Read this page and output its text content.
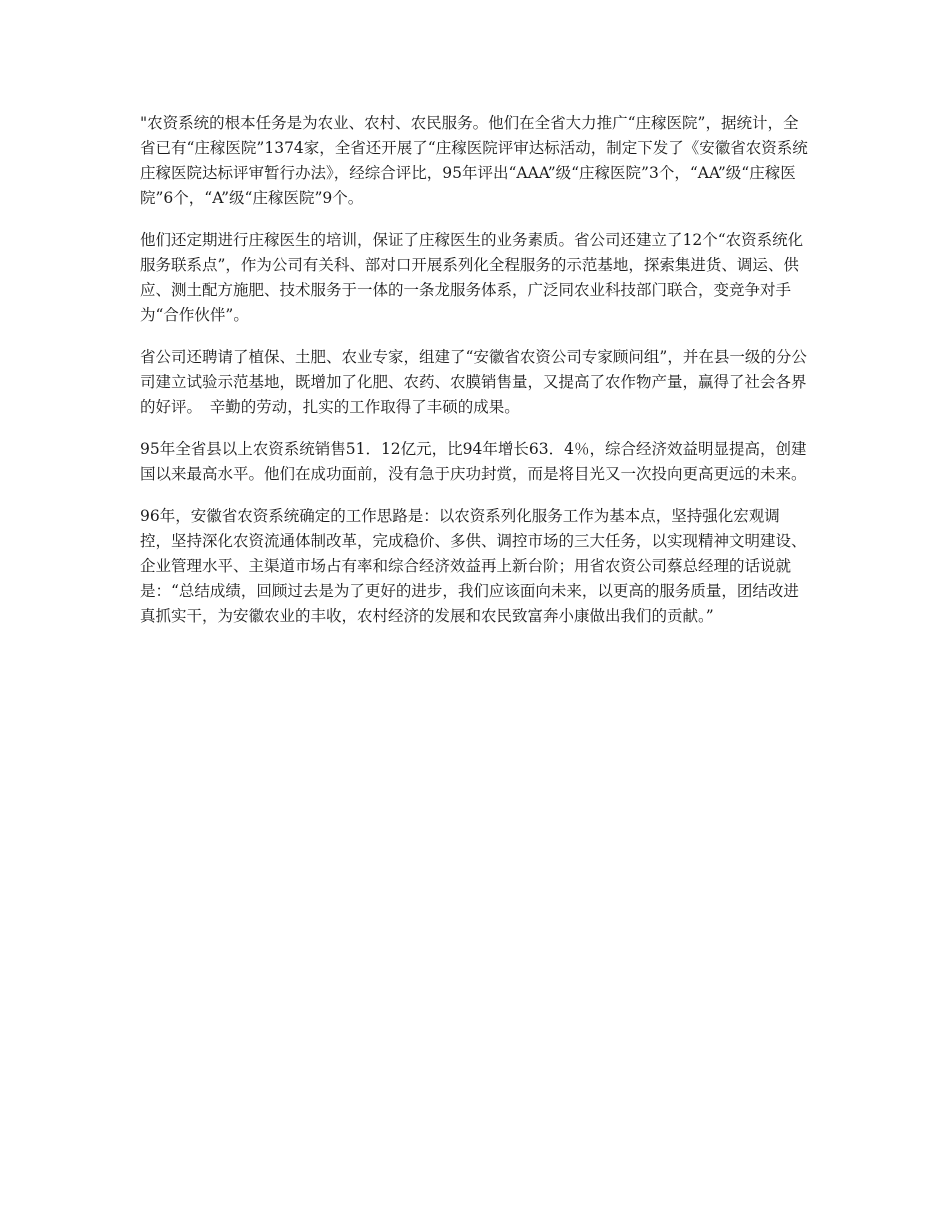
"农资系统的根本任务是为农业、农村、农民服务。他们在全省大力推广“庄稼医院”，据统计，全省已有“庄稼医院”1374家，全省还开展了“庄稼医院评审达标活动，制定下发了《安徽省农资系统庄稼医院达标评审暂行办法》，经综合评比，95年评出“AAA”级“庄稼医院”3个，“AA”级“庄稼医院”6个，“A”级“庄稼医院”9个。

他们还定期进行庄稼医生的培训，保证了庄稼医生的业务素质。省公司还建立了12个“农资系统化服务联系点”，作为公司有关科、部对口开展系列化全程服务的示范基地，探索集进货、调运、供应、测土配方施肥、技术服务于一体的一条龙服务体系，广泛同农业科技部门联合，变竞争对手为“合作伙伴”。

省公司还聘请了植保、土肥、农业专家，组建了“安徽省农资公司专家顾问组”，并在县一级的分公司建立试验示范基地，既增加了化肥、农药、农膜销售量，又提高了农作物产量，赢得了社会各界的好评。　辛勤的劳动，扎实的工作取得了丰硕的成果。

95年全省县以上农资系统销售51．12亿元，比94年增长63．4％，综合经济效益明显提高，创建国以来最高水平。他们在成功面前，没有急于庆功封赏，而是将目光又一次投向更高更远的未来。

96年，安徽省农资系统确定的工作思路是：以农资系列化服务工作为基本点，坚持强化宏观调控，坚持深化农资流通体制改革，完成稳价、多供、调控市场的三大任务，以实现精神文明建设、企业管理水平、主渠道市场占有率和综合经济效益再上新台阶；用省农资公司蔡总经理的话说就是：“总结成绩，回顾过去是为了更好的进步，我们应该面向未来，以更高的服务质量，团结改进真抓实干，为安徽农业的丰收，农村经济的发展和农民致富奔小康做出我们的贡献。”
